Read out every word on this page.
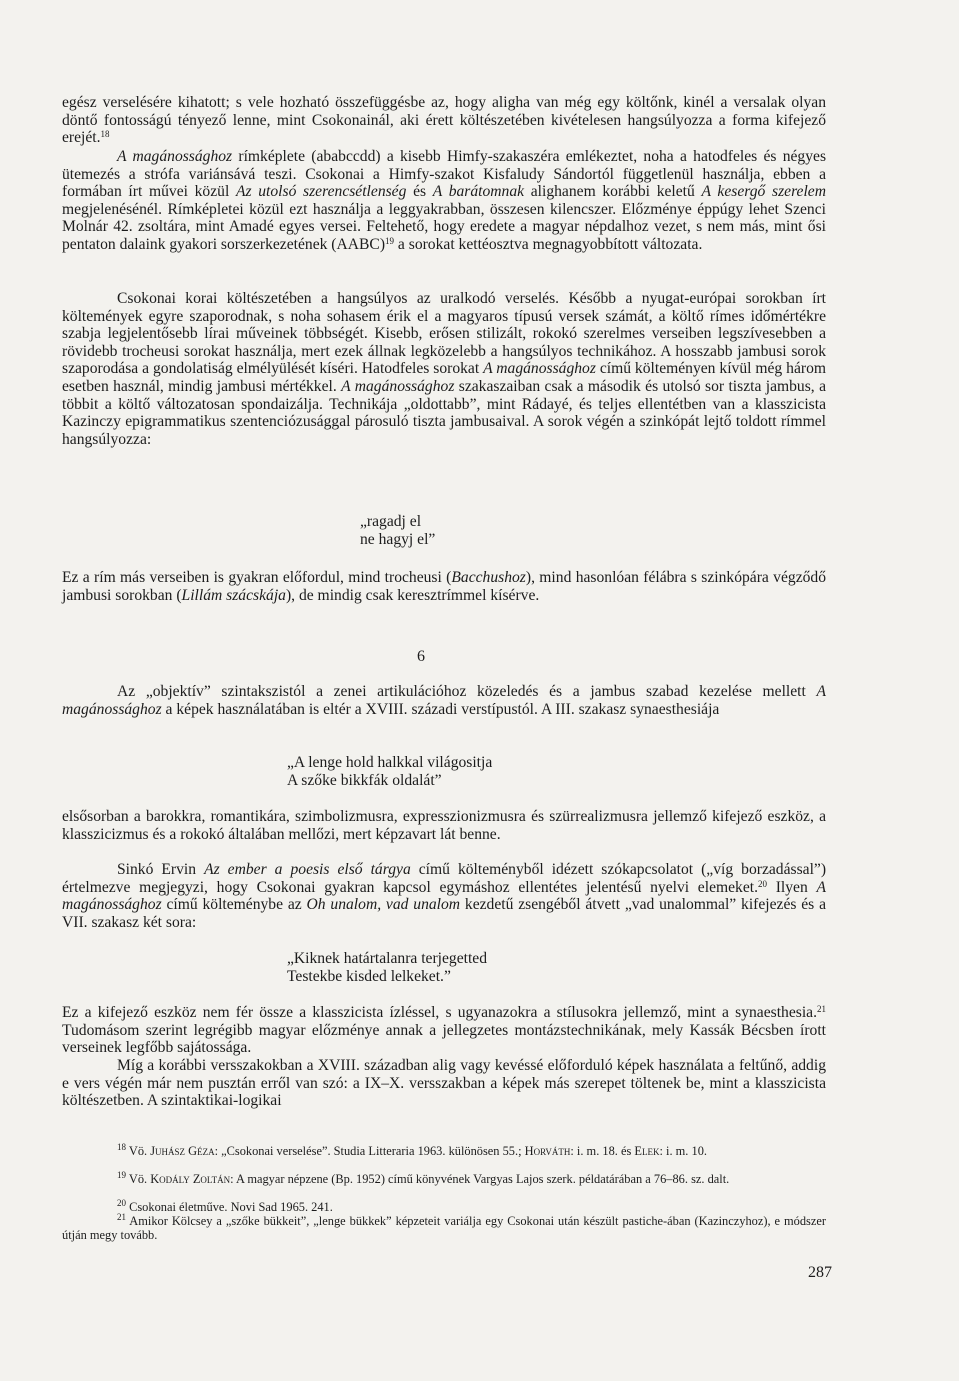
egész verselésére kihatott; s vele hozható összefüggésbe az, hogy aligha van még egy költőnk, kinél a versalak olyan döntő fontosságú tényező lenne, mint Csokonainál, aki érett költészetében kivételesen hangsúlyozza a forma kifejező erejét.$^{18}$

A magánossághoz rímképlete (ababccdd) a kisebb Himfy-szakaszéra emlékeztet, noha a hatodfeles és négyes ütemezés a strófa variánsává teszi. Csokonai a Himfy-szakot Kisfaludy Sándortól függetlenül használja, ebben a formában írt művei közül Az utolsó szerencsétlenség és A barátomnak alighanem korábbi keletű A kesergő szerelem megjelenésénél. Rímképletei közül ezt használja a leggyakrabban, összesen kilencszer. Előzménye éppúgy lehet Szenci Molnár 42. zsoltára, mint Amadé egyes versei. Feltehető, hogy eredete a magyar népdalhoz vezet, s nem más, mint ősi pentaton dalaink gyakori sorszerkezetének (AABC)$^{19}$ a sorokat kettéosztva megnagyobbított változata.

Csokonai korai költészetében a hangsúlyos az uralkodó verselés. Később a nyugat-európai sorokban írt költemények egyre szaporodnak, s noha sohasem érik el a magyaros típusú versek számát, a költő rímes időmértékre szabja legjelentősebb lírai műveinek többségét. Kisebb, erősen stilizált, rokokó szerelmes verseiben legszívesebben a rövidebb trocheusi sorokat használja, mert ezek állnak legközelebb a hangsúlyos technikához. A hosszabb jambusi sorok szaporodása a gondolatiság elmélyülését kíséri. Hatodfeles sorokat A magánossághoz című költeményen kívül még három esetben használ, mindig jambusi mértékkel. A magánossághoz szakaszaiban csak a második és utolsó sor tiszta jambus, a többit a költő változatosan spondaizálja. Technikája „oldottabb”, mint Rádayé, és teljes ellentétben van a klasszicista Kazinczy epigrammatikus szentenciózusággal párosuló tiszta jambusaival. A sorok végén a szinkópát lejtő toldott rímmel hangsúlyozza:

„ragadj el
ne hagyj el”

Ez a rím más verseiben is gyakran előfordul, mind trocheusi (Bacchushoz), mind hasonlóan félábra s szinkópára végződő jambusi sorokban (Lillám szácskája), de mindig csak keresztrímmel kísérve.

6

Az „objektív” szintakszistól a zenei artikulációhoz közeledés és a jambus szabad kezelése mellett A magánossághoz a képek használatában is eltér a XVIII. századi verstípustól. A III. szakasz synaesthesiája

„A lenge hold halkkal világositja
A szőke bikkfák oldalát”

elsősorban a barokkra, romantikára, szimbolizmusra, expresszionizmusra és szürrealizmusra jellemző kifejező eszköz, a klasszicizmus és a rokokó általában mellőzi, mert képzavart lát benne.

Sinkó Ervin Az ember a poesis első tárgya című költeményből idézett szókapcsolatot („víg borzadással”) értelmezve megjegyzi, hogy Csokonai gyakran kapcsol egymáshoz ellentétes jelentésű nyelvi elemeket.$^{20}$ Ilyen A magánossághoz című költeménybe az Oh unalom, vad unalom kezdetű zsengéből átvett „vad unalommal” kifejezés és a VII. szakasz két sora:

„Kiknek határtalanra terjegetted
Testekbe kisded lelkeket.”

Ez a kifejező eszköz nem fér össze a klasszicista ízléssel, s ugyanazokra a stílusokra jellemző, mint a synaesthesia.$^{21}$ Tudomásom szerint legrégibb magyar előzménye annak a jellegzetes montázstechnikának, mely Kassák Bécsben írott verseinek legfőbb sajátossága.

Míg a korábbi versszakokban a XVIII. században alig vagy kevéssé előforduló képek használata a feltűnő, addig e vers végén már nem pusztán erről van szó: a IX–X. versszakban a képek más szerepet töltenek be, mint a klasszicista költészetben. A szintaktikai-logikai

$^{18}$ Vö. Juhász Géza: „Csokonai verselése”. Studia Litteraria 1963. különösen 55.; Horváth: i. m. 18. és Elek: i. m. 10.

$^{19}$ Vö. Kodály Zoltán: A magyar népzene (Bp. 1952) című könyvének Vargyas Lajos szerk. példatárában a 76–86. sz. dalt.

$^{20}$ Csokonai életműve. Novi Sad 1965. 241.

$^{21}$ Amikor Kölcsey a „szőke bükkeit”, „lenge bükkek” képzeteit variálja egy Csokonai után készült pastiche-ában (Kazinczyhoz), e módszer útján megy tovább.

287
